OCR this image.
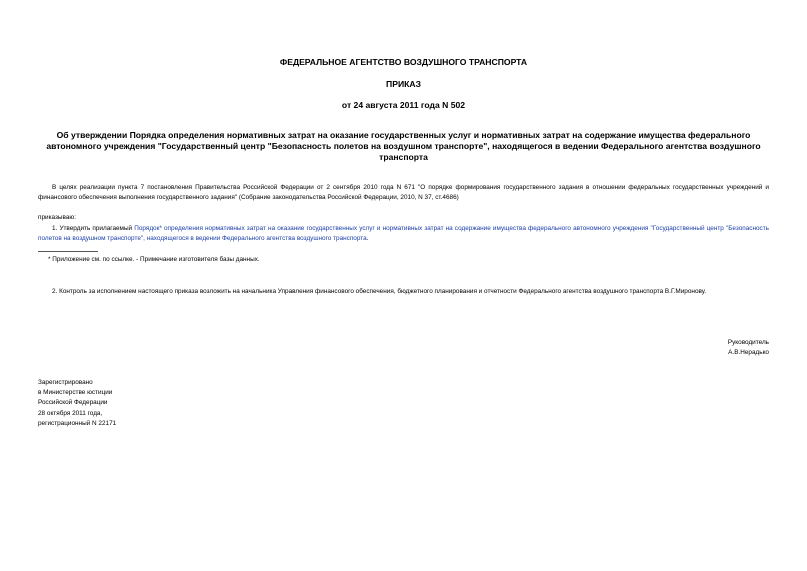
ФЕДЕРАЛЬНОЕ АГЕНТСТВО ВОЗДУШНОГО ТРАНСПОРТА
ПРИКАЗ
от 24 августа 2011 года N 502
Об утверждении Порядка определения нормативных затрат на оказание государственных услуг и нормативных затрат на содержание имущества федерального автономного учреждения "Государственный центр "Безопасность полетов на воздушном транспорте", находящегося в ведении Федерального агентства воздушного транспорта
В целях реализации пункта 7 постановления Правительства Российской Федерации от 2 сентября 2010 года N 671 "О порядке формирования государственного задания в отношении федеральных государственных учреждений и финансового обеспечения выполнения государственного задания" (Собрание законодательства Российской Федерации, 2010, N 37, ст.4686)
приказываю:
1. Утвердить прилагаемый Порядок* определения нормативных затрат на оказание государственных услуг и нормативных затрат на содержание имущества федерального автономного учреждения "Государственный центр "Безопасность полетов на воздушном транспорте", находящегося в ведении Федерального агентства воздушного транспорта.
* Приложение см. по ссылке. - Примечание изготовителя базы данных.
2. Контроль за исполнением настоящего приказа возложить на начальника Управления финансового обеспечения, бюджетного планирования и отчетности Федерального агентства воздушного транспорта В.Г.Миронову.
Руководитель
А.В.Нерадько
Зарегистрировано
в Министерстве юстиции
Российской Федерации
28 октября 2011 года,
регистрационный N 22171
